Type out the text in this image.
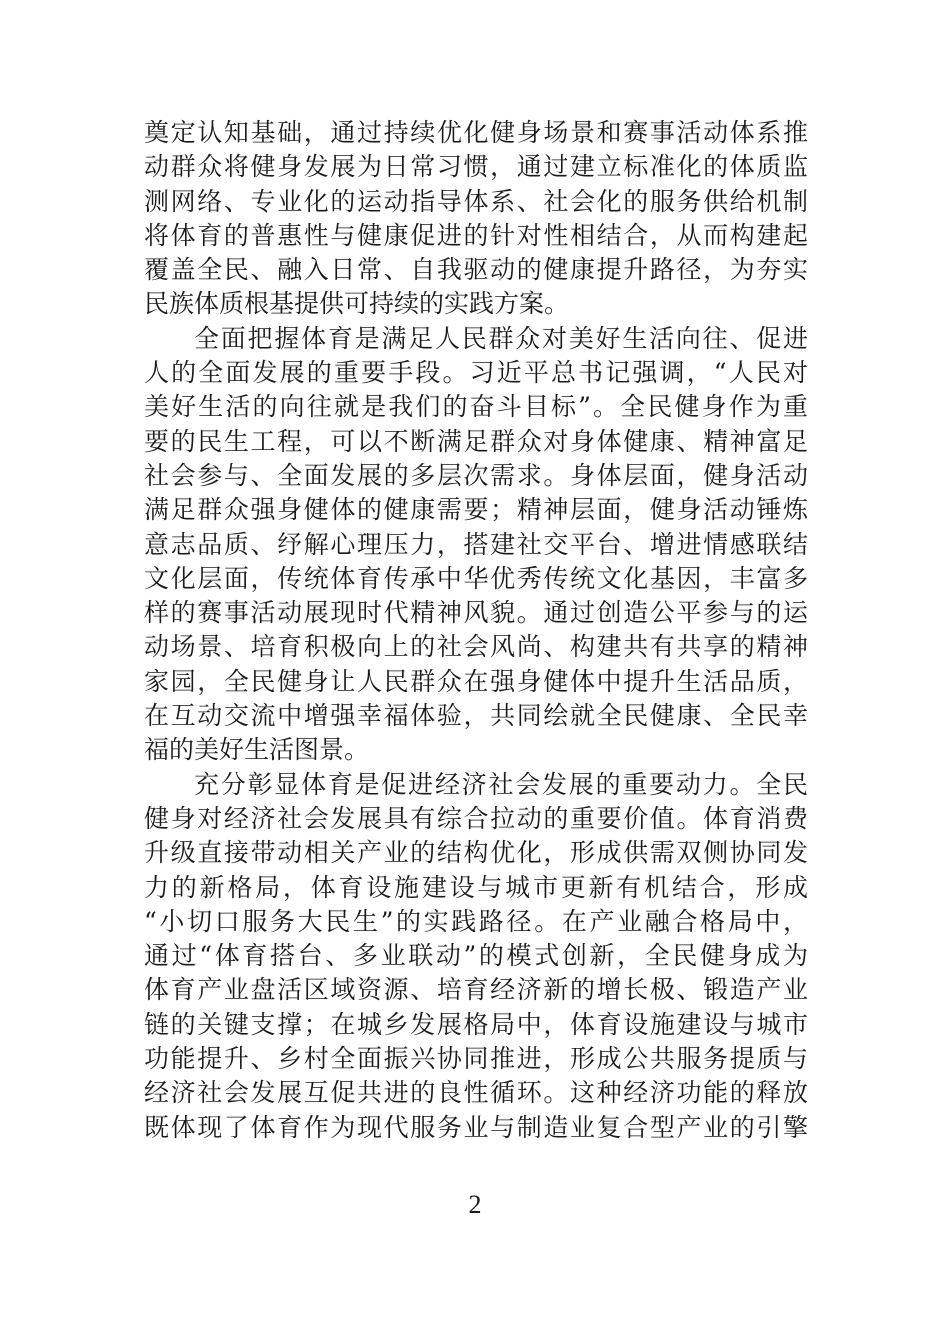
奠定认知基础，通过持续优化健身场景和赛事活动体系推
动群众将健身发展为日常习惯，通过建立标准化的体质监
测网络、专业化的运动指导体系、社会化的服务供给机制
将体育的普惠性与健康促进的针对性相结合，从而构建起
覆盖全民、融入日常、自我驱动的健康提升路径，为夯实
民族体质根基提供可持续的实践方案。
全面把握体育是满足人民群众对美好生活向往、促进
人的全面发展的重要手段。习近平总书记强调，“人民对
美好生活的向往就是我们的奋斗目标”。全民健身作为重
要的民生工程，可以不断满足群众对身体健康、精神富足
社会参与、全面发展的多层次需求。身体层面，健身活动
满足群众强身健体的健康需要；精神层面，健身活动锤炼
意志品质、纾解心理压力，搭建社交平台、增进情感联结
文化层面，传统体育传承中华优秀传统文化基因，丰富多
样的赛事活动展现时代精神风貌。通过创造公平参与的运
动场景、培育积极向上的社会风尚、构建共有共享的精神
家园，全民健身让人民群众在强身健体中提升生活品质，
在互动交流中增强幸福体验，共同绘就全民健康、全民幸
福的美好生活图景。
充分彰显体育是促进经济社会发展的重要动力。全民
健身对经济社会发展具有综合拉动的重要价值。体育消费
升级直接带动相关产业的结构优化，形成供需双侧协同发
力的新格局，体育设施建设与城市更新有机结合，形成
“小切口服务大民生”的实践路径。在产业融合格局中，
通过“体育搭台、多业联动”的模式创新，全民健身成为
体育产业盘活区域资源、培育经济新的增长极、锻造产业
链的关键支撑；在城乡发展格局中，体育设施建设与城市
功能提升、乡村全面振兴协同推进，形成公共服务提质与
经济社会发展互促共进的良性循环。这种经济功能的释放
既体现了体育作为现代服务业与制造业复合型产业的引擎
2
